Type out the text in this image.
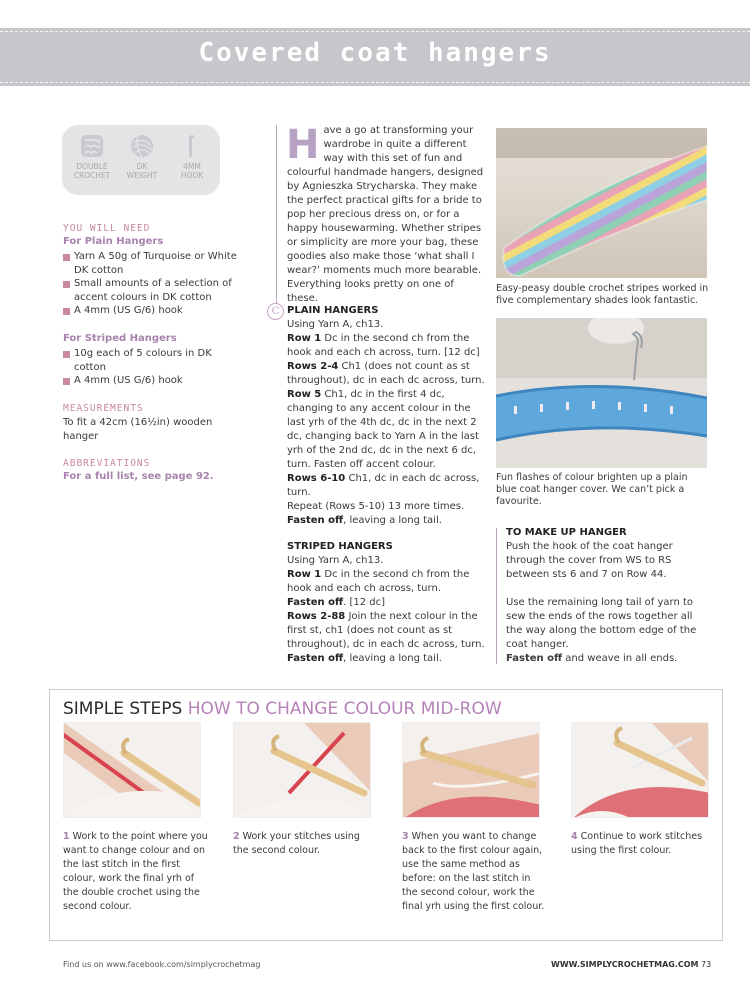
Covered coat hangers
DOUBLE
CROCHET
DK
WEIGHT
4MM
HOOK
YOU WILL NEED
For Plain Hangers
Yarn A 50g of Turquoise or White DK cotton
Small amounts of a selection of accent colours in DK cotton
A 4mm (US G/6) hook
For Striped Hangers
10g each of 5 colours in DK cotton
A 4mm (US G/6) hook
MEASUREMENTS
To fit a 42cm (16½in) wooden hanger
ABBREVIATIONS
For a full list, see page 92.
Have a go at transforming your wardrobe in quite a different way with this set of fun and colourful handmade hangers, designed by Agnieszka Strycharska. They make the perfect practical gifts for a bride to pop her precious dress on, or for a happy housewarming. Whether stripes or simplicity are more your bag, these goodies also make those ‘what shall I wear?’ moments much more bearable. Everything looks pretty on one of these.
C PLAIN HANGERS
Using Yarn A, ch13.
Row 1 Dc in the second ch from the hook and each ch across, turn. [12 dc]
Rows 2-4 Ch1 (does not count as st throughout), dc in each dc across, turn.
Row 5 Ch1, dc in the first 4 dc, changing to any accent colour in the last yrh of the 4th dc, dc in the next 2 dc, changing back to Yarn A in the last yrh of the 2nd dc, dc in the next 6 dc, turn. Fasten off accent colour.
Rows 6-10 Ch1, dc in each dc across, turn.
Repeat (Rows 5-10) 13 more times.
Fasten off, leaving a long tail.
STRIPED HANGERS
Using Yarn A, ch13.
Row 1 Dc in the second ch from the hook and each ch across, turn.
Fasten off. [12 dc]
Rows 2-88 Join the next colour in the first st, ch1 (does not count as st throughout), dc in each dc across, turn.
Fasten off, leaving a long tail.
Easy-peasy double crochet stripes worked in five complementary shades look fantastic.
Fun flashes of colour brighten up a plain blue coat hanger cover. We can’t pick a favourite.
TO MAKE UP HANGER
Push the hook of the coat hanger through the cover from WS to RS between sts 6 and 7 on Row 44.
Use the remaining long tail of yarn to sew the ends of the rows together all the way along the bottom edge of the coat hanger.
Fasten off and weave in all ends.
SIMPLE STEPS HOW TO CHANGE COLOUR MID-ROW
1 Work to the point where you want to change colour and on the last stitch in the first colour, work the final yrh of the double crochet using the second colour.
2 Work your stitches using the second colour.
3 When you want to change back to the first colour again, use the same method as before: on the last stitch in the second colour, work the final yrh using the first colour.
4 Continue to work stitches using the first colour.
Find us on www.facebook.com/simplycrochetmag	WWW.SIMPLYCROCHETMAG.COM 73
